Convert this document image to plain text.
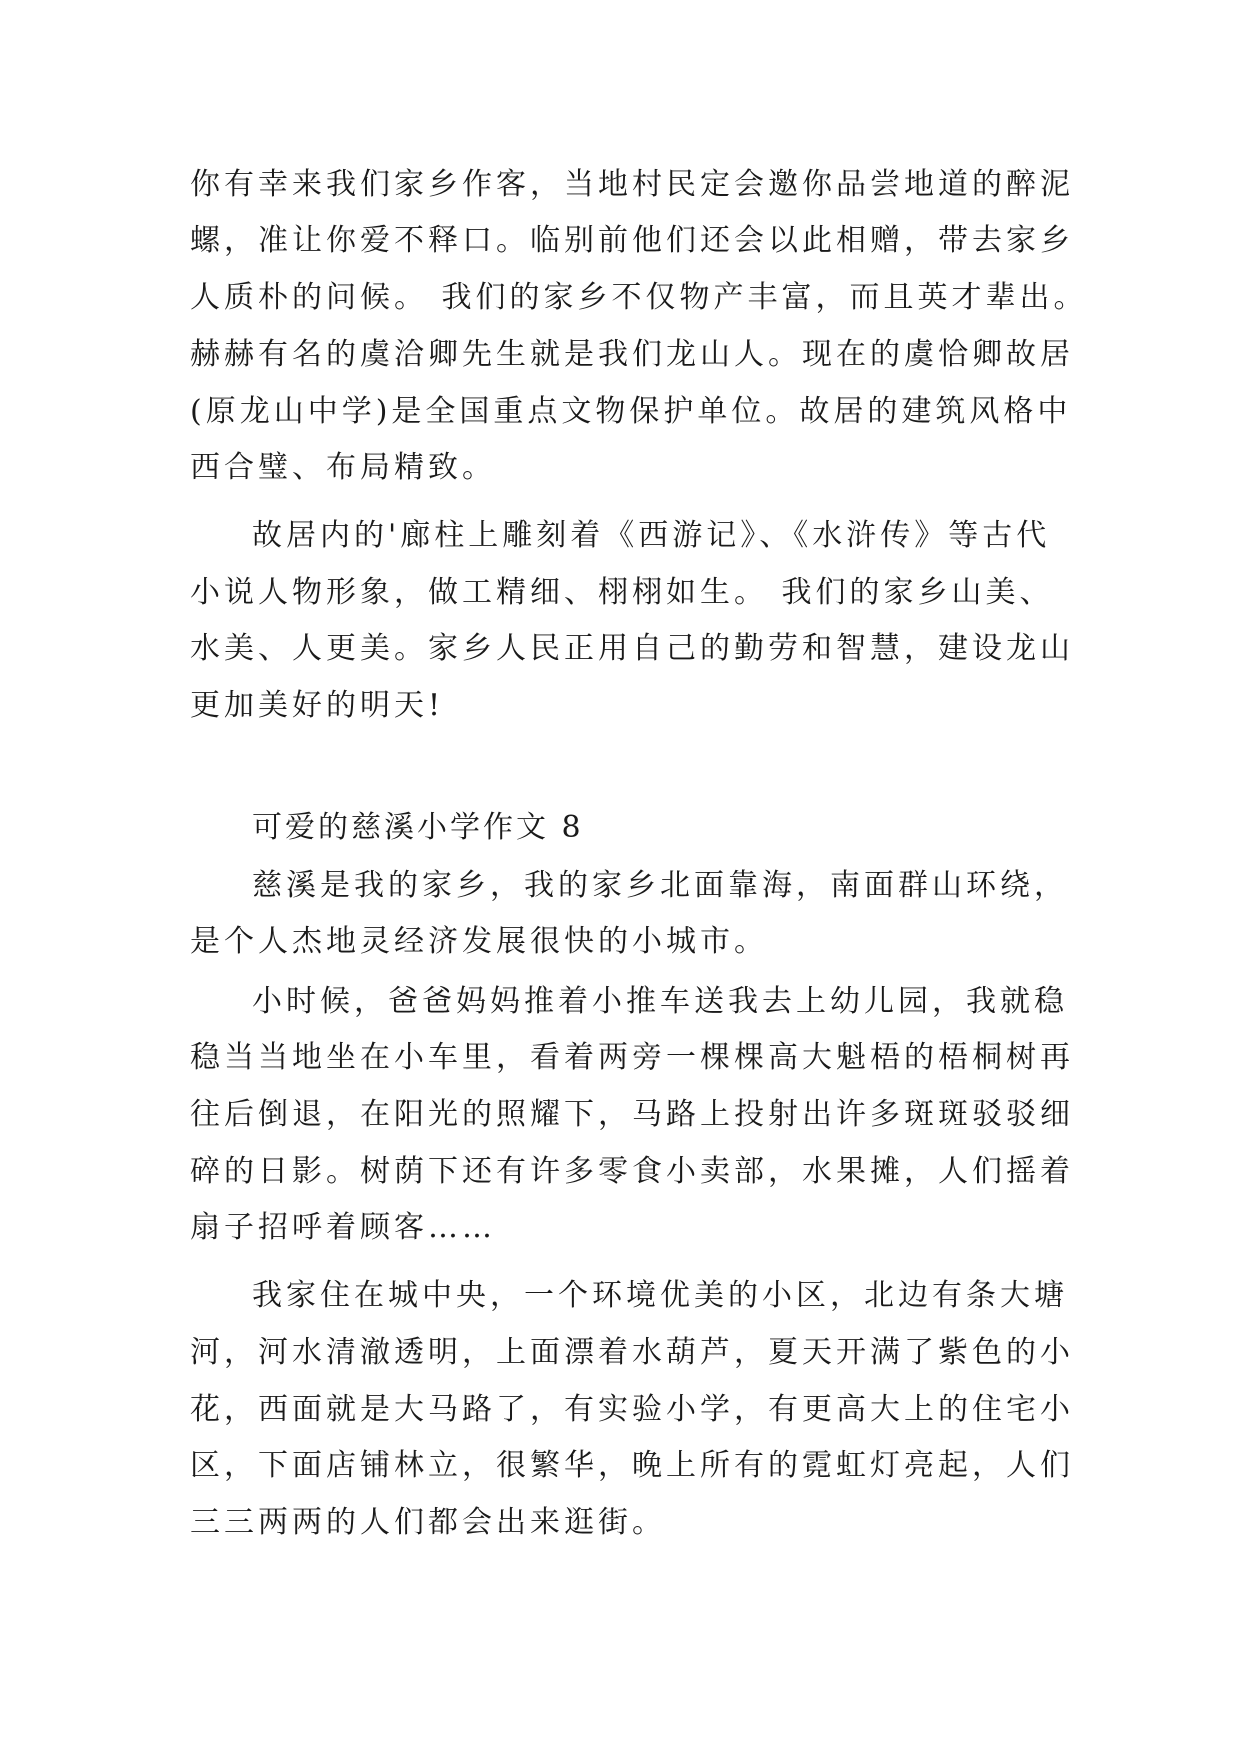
你有幸来我们家乡作客，当地村民定会邀你品尝地道的醉泥
螺，准让你爱不释口。临别前他们还会以此相赠，带去家乡
人质朴的问候。 我们的家乡不仅物产丰富，而且英才辈出。
赫赫有名的虞洽卿先生就是我们龙山人。现在的虞恰卿故居
(原龙山中学)是全国重点文物保护单位。故居的建筑风格中
西合璧、布局精致。
故居内的'廊柱上雕刻着《西游记》、《水浒传》等古代
小说人物形象，做工精细、栩栩如生。 我们的家乡山美、
水美、人更美。家乡人民正用自己的勤劳和智慧，建设龙山
更加美好的明天!
可爱的慈溪小学作文 8
慈溪是我的家乡，我的家乡北面靠海，南面群山环绕，
是个人杰地灵经济发展很快的小城市。
小时候，爸爸妈妈推着小推车送我去上幼儿园，我就稳
稳当当地坐在小车里，看着两旁一棵棵高大魁梧的梧桐树再
往后倒退，在阳光的照耀下，马路上投射出许多斑斑驳驳细
碎的日影。树荫下还有许多零食小卖部，水果摊，人们摇着
扇子招呼着顾客……
我家住在城中央，一个环境优美的小区，北边有条大塘
河，河水清澈透明，上面漂着水葫芦，夏天开满了紫色的小
花，西面就是大马路了，有实验小学，有更高大上的住宅小
区，下面店铺林立，很繁华，晚上所有的霓虹灯亮起，人们
三三两两的人们都会出来逛街。
